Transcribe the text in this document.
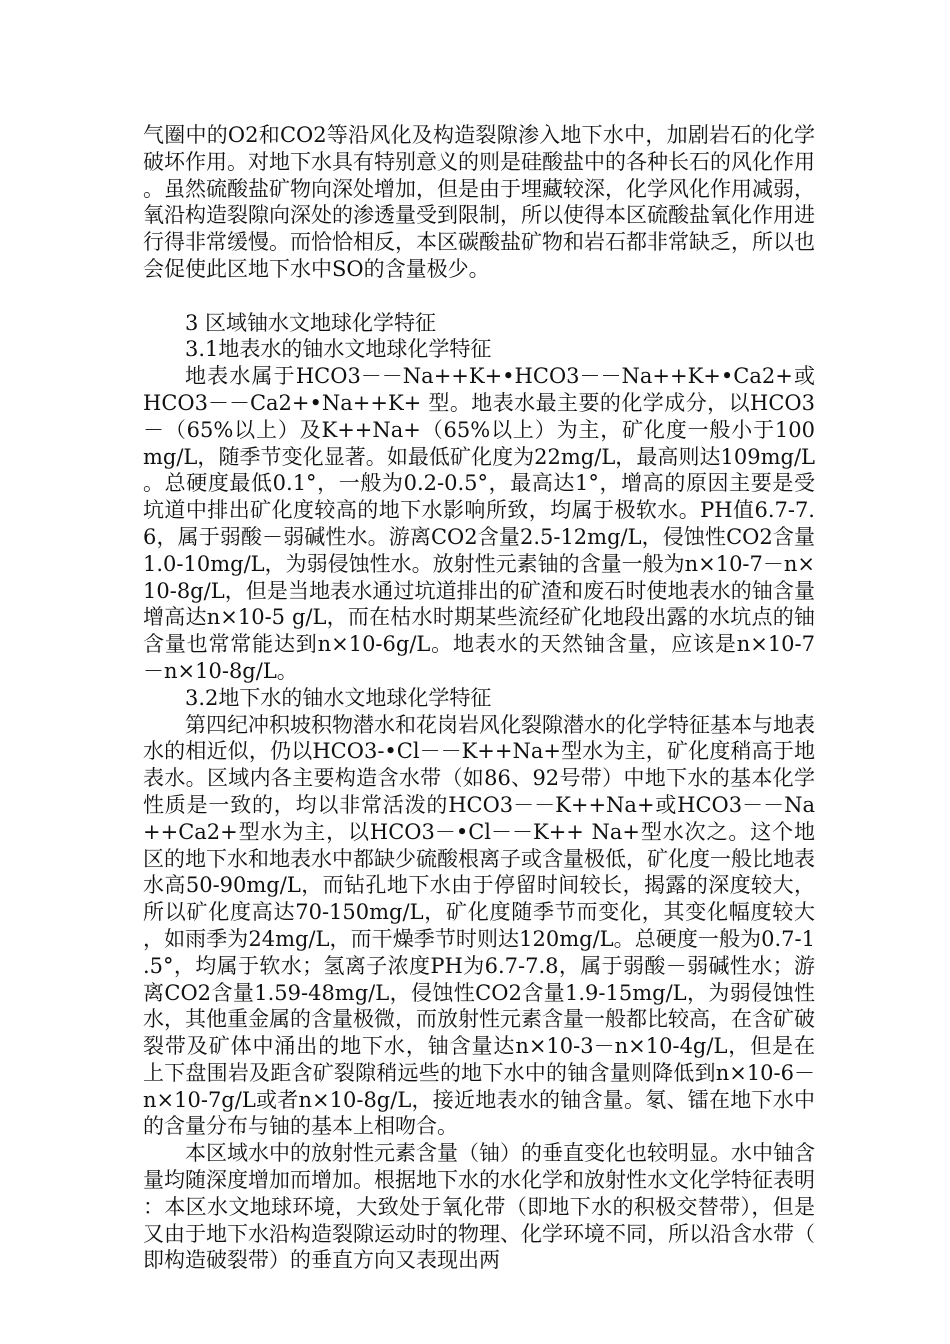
气圈中的O2和CO2等沿风化及构造裂隙渗入地下水中，加剧岩石的化学破坏作用。对地下水具有特别意义的则是硅酸盐中的各种长石的风化作用。虽然硫酸盐矿物向深处增加，但是由于埋藏较深，化学风化作用减弱，氧沿构造裂隙向深处的渗透量受到限制，所以使得本区硫酸盐氧化作用进行得非常缓慢。而恰恰相反，本区碳酸盐矿物和岩石都非常缺乏，所以也会促使此区地下水中SO的含量极少。

3 区域铀水文地球化学特征

3.1地表水的铀水文地球化学特征

地表水属于HCO3－－Na++K+•HCO3－－Na++K+•Ca2+或HCO3－－Ca2+•Na++K+ 型。地表水最主要的化学成分，以HCO3－（65%以上）及K++Na+（65%以上）为主，矿化度一般小于100mg/L，随季节变化显著。如最低矿化度为22mg/L，最高则达109mg/L。总硬度最低0.1°，一般为0.2-0.5°，最高达1°，增高的原因主要是受坑道中排出矿化度较高的地下水影响所致，均属于极软水。PH值6.7-7.6，属于弱酸－弱碱性水。游离CO2含量2.5-12mg/L，侵蚀性CO2含量1.0-10mg/L，为弱侵蚀性水。放射性元素铀的含量一般为n×10-7－n×10-8g/L，但是当地表水通过坑道排出的矿渣和废石时使地表水的铀含量增高达n×10-5 g/L，而在枯水时期某些流经矿化地段出露的水坑点的铀含量也常常能达到n×10-6g/L。地表水的天然铀含量，应该是n×10-7－n×10-8g/L。

3.2地下水的铀水文地球化学特征

第四纪冲积坡积物潜水和花岗岩风化裂隙潜水的化学特征基本与地表水的相近似，仍以HCO3-•Cl－－K++Na+型水为主，矿化度稍高于地表水。区域内各主要构造含水带（如86、92号带）中地下水的基本化学性质是一致的，均以非常活泼的HCO3－－K++Na+或HCO3－－Na++Ca2+型水为主，以HCO3－•Cl－－K++ Na+型水次之。这个地区的地下水和地表水中都缺少硫酸根离子或含量极低，矿化度一般比地表水高50-90mg/L，而钻孔地下水由于停留时间较长，揭露的深度较大，所以矿化度高达70-150mg/L，矿化度随季节而变化，其变化幅度较大，如雨季为24mg/L，而干燥季节时则达120mg/L。总硬度一般为0.7-1.5°，均属于软水；氢离子浓度PH为6.7-7.8，属于弱酸－弱碱性水；游离CO2含量1.59-48mg/L，侵蚀性CO2含量1.9-15mg/L，为弱侵蚀性水，其他重金属的含量极微，而放射性元素含量一般都比较高，在含矿破裂带及矿体中涌出的地下水，铀含量达n×10-3－n×10-4g/L，但是在上下盘围岩及距含矿裂隙稍远些的地下水中的铀含量则降低到n×10-6－n×10-7g/L或者n×10-8g/L，接近地表水的铀含量。氡、镭在地下水中的含量分布与铀的基本上相吻合。

本区域水中的放射性元素含量（铀）的垂直变化也较明显。水中铀含量均随深度增加而增加。根据地下水的水化学和放射性水文化学特征表明：本区水文地球环境，大致处于氧化带（即地下水的积极交替带），但是又由于地下水沿构造裂隙运动时的物理、化学环境不同，所以沿含水带（即构造破裂带）的垂直方向又表现出两
